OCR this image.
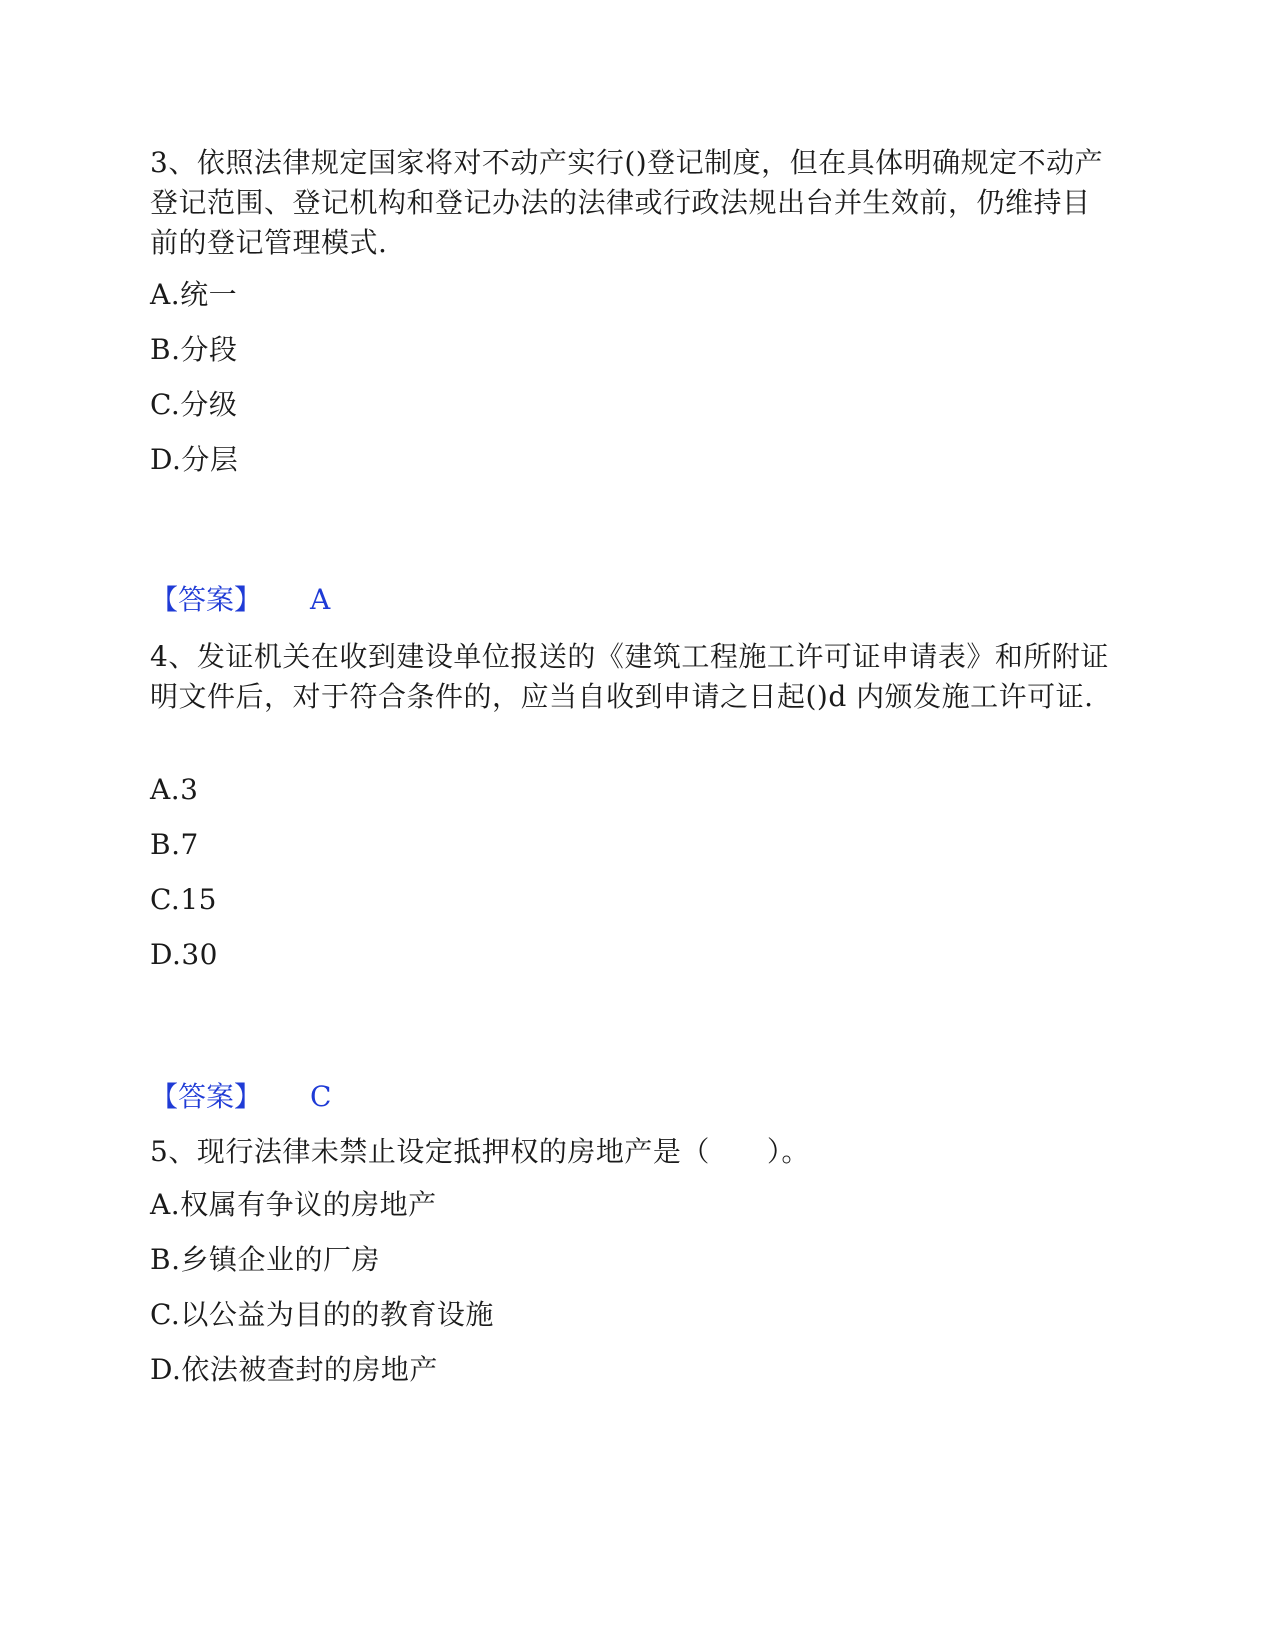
3、依照法律规定国家将对不动产实行()登记制度，但在具体明确规定不动产登记范围、登记机构和登记办法的法律或行政法规出台并生效前，仍维持目前的登记管理模式.

A.统一

B.分段

C.分级

D.分层

【答案】 A

4、发证机关在收到建设单位报送的《建筑工程施工许可证申请表》和所附证明文件后，对于符合条件的，应当自收到申请之日起()d 内颁发施工许可证.

A.3

B.7

C.15

D.30

【答案】 C

5、现行法律未禁止设定抵押权的房地产是（　　）。

A.权属有争议的房地产

B.乡镇企业的厂房

C.以公益为目的的教育设施

D.依法被查封的房地产
